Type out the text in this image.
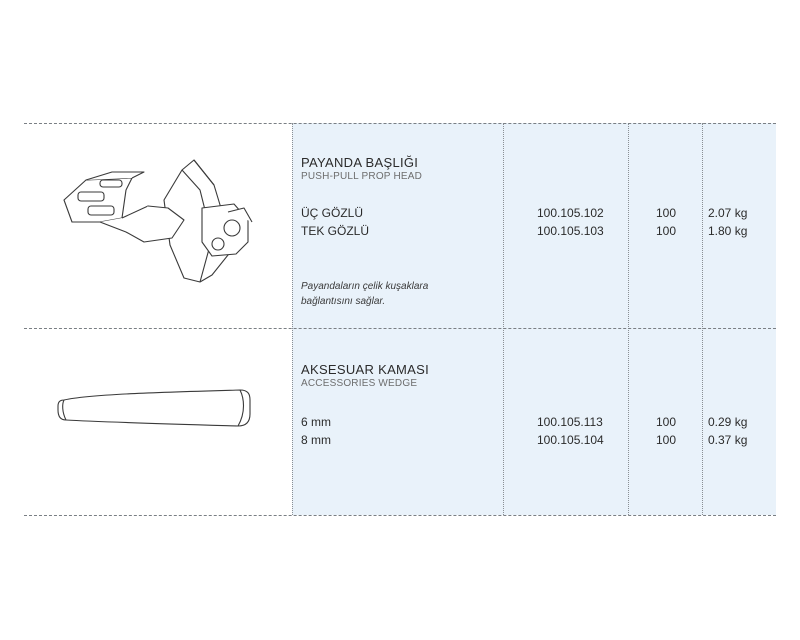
PAYANDA BAŞLIĞI
PUSH-PULL PROP HEAD
ÜÇ GÖZLÜ	100.105.102	100	2.07 kg
TEK GÖZLÜ	100.105.103	100	1.80 kg
Payandaların çelik kuşaklara
bağlantısını sağlar.
AKSESUAR KAMASI
ACCESSORIES WEDGE
6 mm	100.105.113	100	0.29 kg
8 mm	100.105.104	100	0.37 kg
